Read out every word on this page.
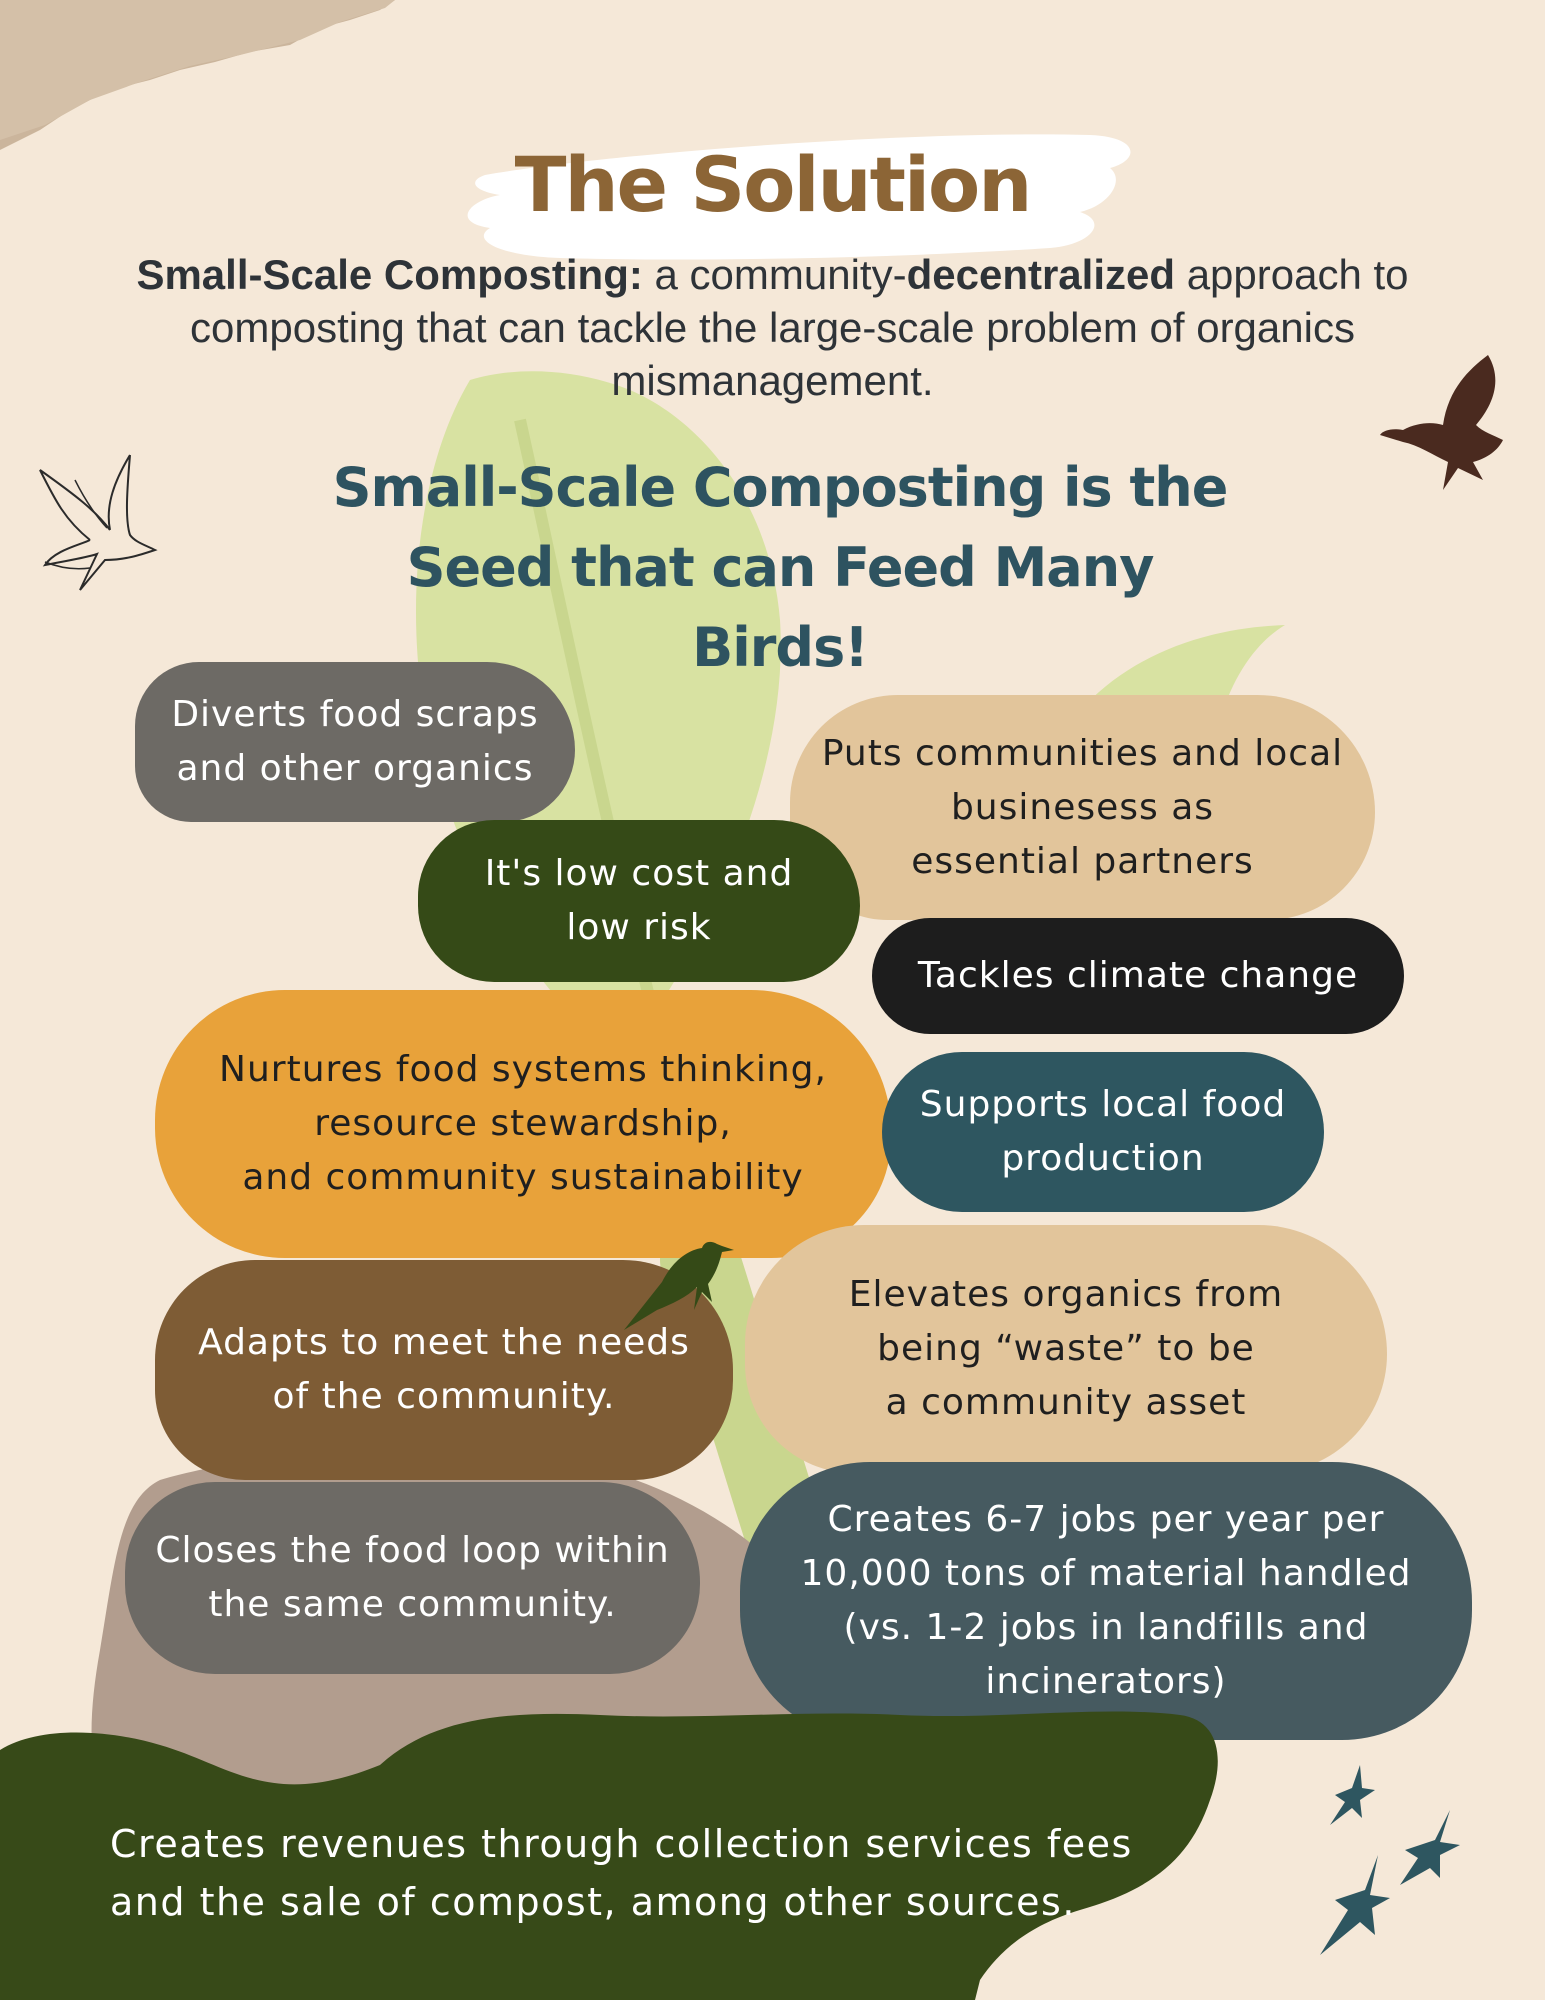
The Solution
Small-Scale Composting: a community-decentralized approach to composting that can tackle the large-scale problem of organics mismanagement.
Small-Scale Composting is the
Seed that can Feed Many Birds!
Diverts food scraps
and other organics	Puts communities and local
businesess as
essential partners
It's low cost and
low risk
Tackles climate change
Nurtures food systems thinking,
resource stewardship,
and community sustainability
Supports local food
production
Adapts to meet the needs
of the community.
Elevates organics from
being “waste” to be
a community asset
Closes the food loop within
the same community.
Creates 6-7 jobs per year per
10,000 tons of material handled
(vs. 1-2 jobs in landfills and
incinerators)
Creates revenues through collection services fees
and the sale of compost, among other sources.
